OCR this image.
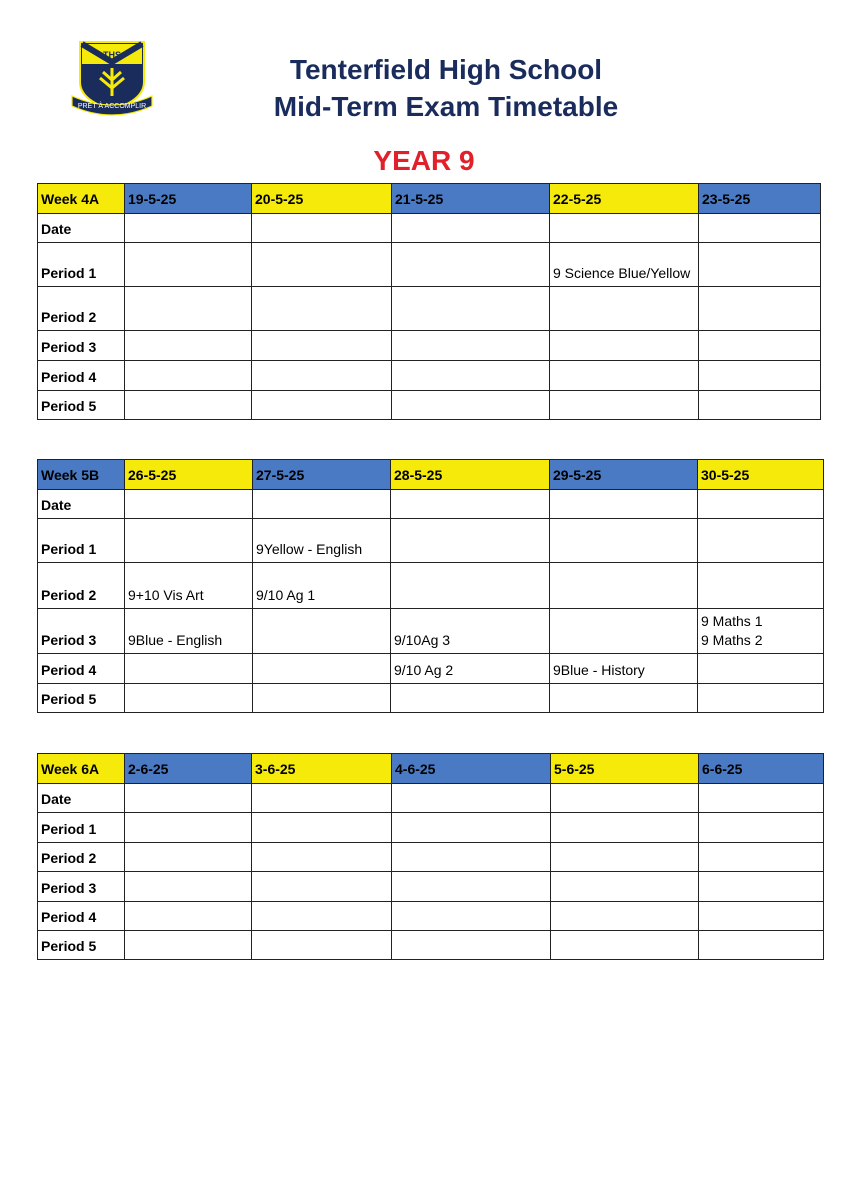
THS
PRÊT À ACCOMPLIR
Tenterfield High School
Mid-Term Exam Timetable
YEAR 9
Week 4A	19-5-25	20-5-25	21-5-25	22-5-25	23-5-25
Date					
Period 1				9 Science Blue/Yellow	
Period 2					
Period 3					
Period 4					
Period 5					
Week 5B	26-5-25	27-5-25	28-5-25	29-5-25	30-5-25
Date					
Period 1		9Yellow - English			
Period 2	9+10 Vis Art	9/10 Ag 1			
Period 3	9Blue - English		9/10Ag 3		9 Maths 1
9 Maths 2

Period 4			9/10 Ag 2	9Blue - History	
Period 5					
Week 6A	2-6-25	3-6-25	4-6-25	5-6-25	6-6-25
Date					
Period 1					
Period 2					
Period 3					
Period 4					
Period 5					
